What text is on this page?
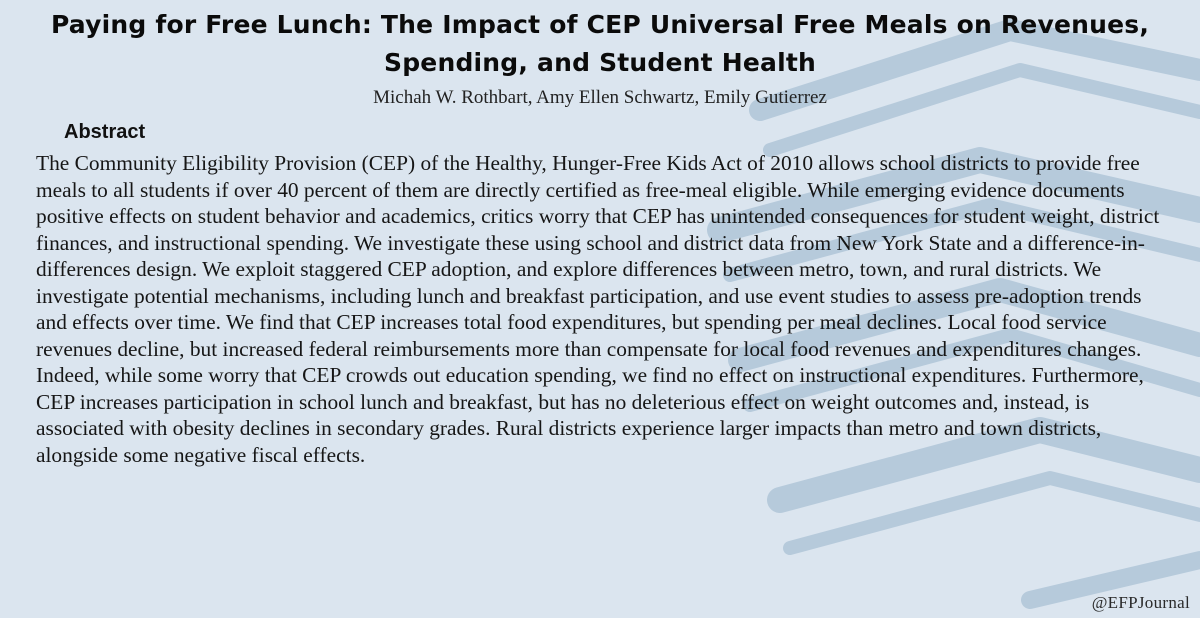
Paying for Free Lunch: The Impact of CEP Universal Free Meals on Revenues, Spending, and Student Health
Michah W. Rothbart, Amy Ellen Schwartz, Emily Gutierrez
Abstract

The Community Eligibility Provision (CEP) of the Healthy, Hunger-Free Kids Act of 2010 allows school districts to provide free meals to all students if over 40 percent of them are directly certified as free-meal eligible. While emerging evidence documents positive effects on student behavior and academics, critics worry that CEP has unintended consequences for student weight, district finances, and instructional spending. We investigate these using school and district data from New York State and a difference-in-differences design. We exploit staggered CEP adoption, and explore differences between metro, town, and rural districts. We investigate potential mechanisms, including lunch and breakfast participation, and use event studies to assess pre-adoption trends and effects over time. We find that CEP increases total food expenditures, but spending per meal declines. Local food service revenues decline, but increased federal reimbursements more than compensate for local food revenues and expenditures changes. Indeed, while some worry that CEP crowds out education spending, we find no effect on instructional expenditures. Furthermore, CEP increases participation in school lunch and breakfast, but has no deleterious effect on weight outcomes and, instead, is associated with obesity declines in secondary grades. Rural districts experience larger impacts than metro and town districts, alongside some negative fiscal effects.

@EFPJournal
